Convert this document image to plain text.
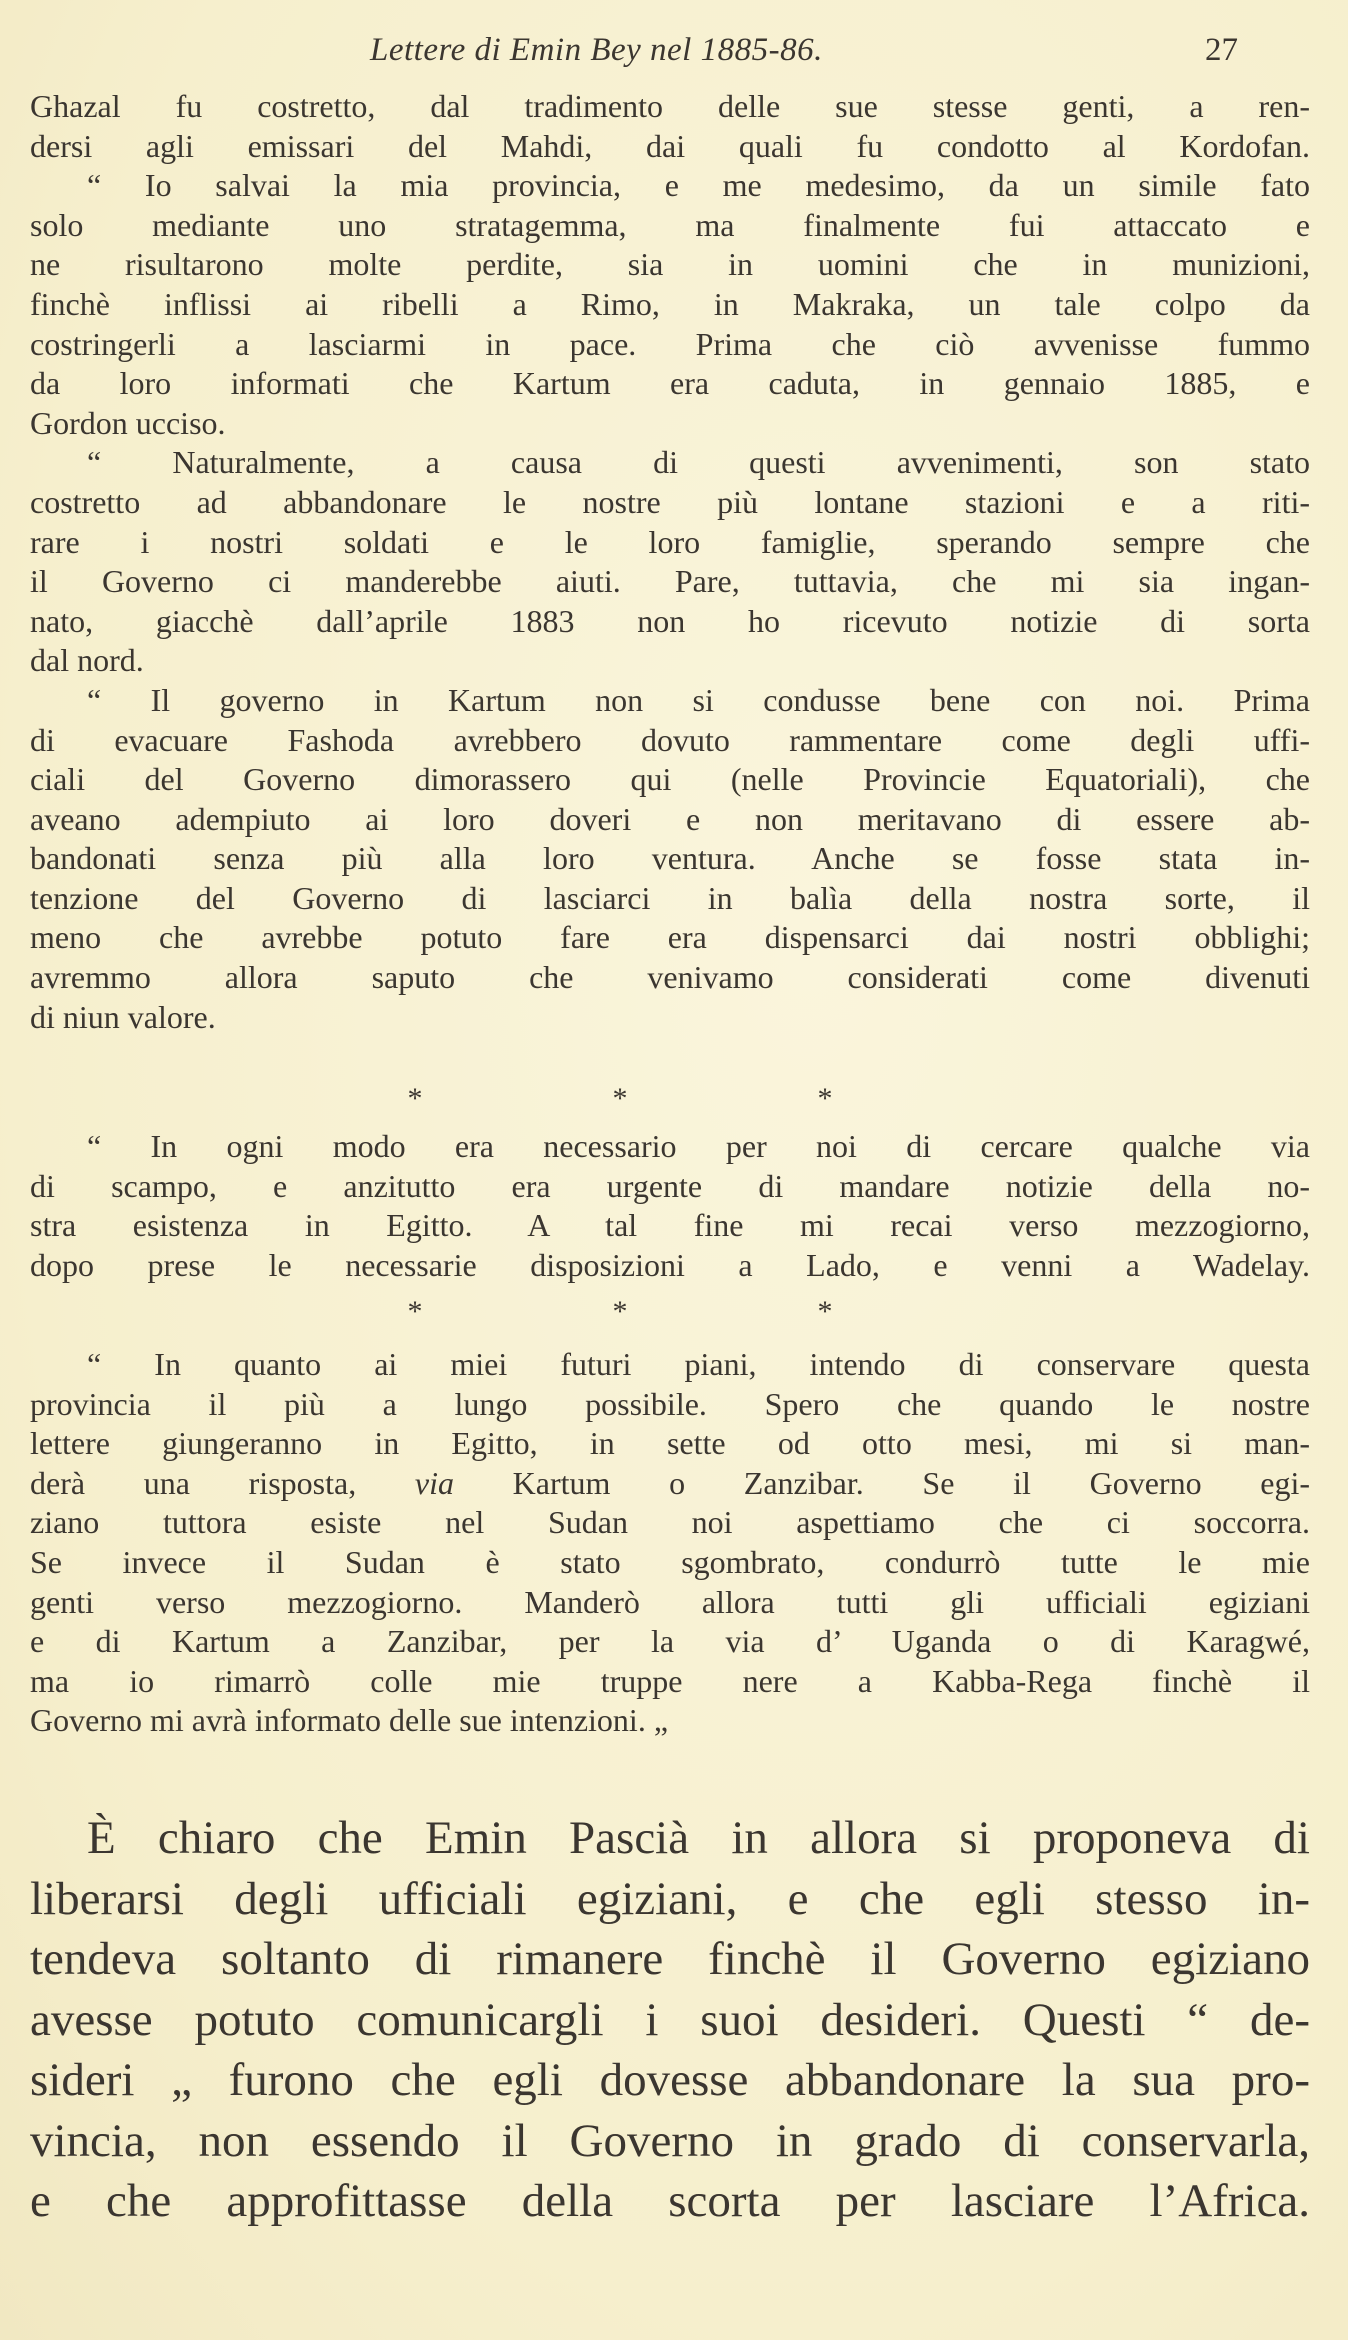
Lettere di Emin Bey nel 1885-86.	27
Ghazal fu costretto, dal tradimento delle sue stesse genti, a ren-
dersi agli emissari del Mahdi, dai quali fu condotto al Kordofan.
“ Io salvai la mia provincia, e me medesimo, da un simile fato
solo mediante uno stratagemma, ma finalmente fui attaccato e
ne risultarono molte perdite, sia in uomini che in munizioni,
finchè inflissi ai ribelli a Rimo, in Makraka, un tale colpo da
costringerli a lasciarmi in pace. Prima che ciò avvenisse fummo
da loro informati che Kartum era caduta, in gennaio 1885, e
Gordon ucciso.
“ Naturalmente, a causa di questi avvenimenti, son stato
costretto ad abbandonare le nostre più lontane stazioni e a riti-
rare i nostri soldati e le loro famiglie, sperando sempre che
il Governo ci manderebbe aiuti. Pare, tuttavia, che mi sia ingan-
nato, giacchè dall’aprile 1883 non ho ricevuto notizie di sorta
dal nord.
“ Il governo in Kartum non si condusse bene con noi. Prima
di evacuare Fashoda avrebbero dovuto rammentare come degli uffi-
ciali del Governo dimorassero qui (nelle Provincie Equatoriali), che
aveano adempiuto ai loro doveri e non meritavano di essere ab-
bandonati senza più alla loro ventura. Anche se fosse stata in-
tenzione del Governo di lasciarci in balìa della nostra sorte, il
meno che avrebbe potuto fare era dispensarci dai nostri obblighi;
avremmo allora saputo che venivamo considerati come divenuti
di niun valore.
*	*	*
“ In ogni modo era necessario per noi di cercare qualche via
di scampo, e anzitutto era urgente di mandare notizie della no-
stra esistenza in Egitto. A tal fine mi recai verso mezzogiorno,
dopo prese le necessarie disposizioni a Lado, e venni a Wadelay.
*	*	*
“ In quanto ai miei futuri piani, intendo di conservare questa
provincia il più a lungo possibile. Spero che quando le nostre
lettere giungeranno in Egitto, in sette od otto mesi, mi si man-
derà una risposta, via Kartum o Zanzibar. Se il Governo egi-
ziano tuttora esiste nel Sudan noi aspettiamo che ci soccorra.
Se invece il Sudan è stato sgombrato, condurrò tutte le mie
genti verso mezzogiorno. Manderò allora tutti gli ufficiali egiziani
e di Kartum a Zanzibar, per la via d’ Uganda o di Karagwé,
ma io rimarrò colle mie truppe nere a Kabba-Rega finchè il
Governo mi avrà informato delle sue intenzioni. „
È chiaro che Emin Pascià in allora si proponeva di
liberarsi degli ufficiali egiziani, e che egli stesso in-
tendeva soltanto di rimanere finchè il Governo egiziano
avesse potuto comunicargli i suoi desideri. Questi “ de-
sideri „ furono che egli dovesse abbandonare la sua pro-
vincia, non essendo il Governo in grado di conservarla,
e che approfittasse della scorta per lasciare l’Africa.
